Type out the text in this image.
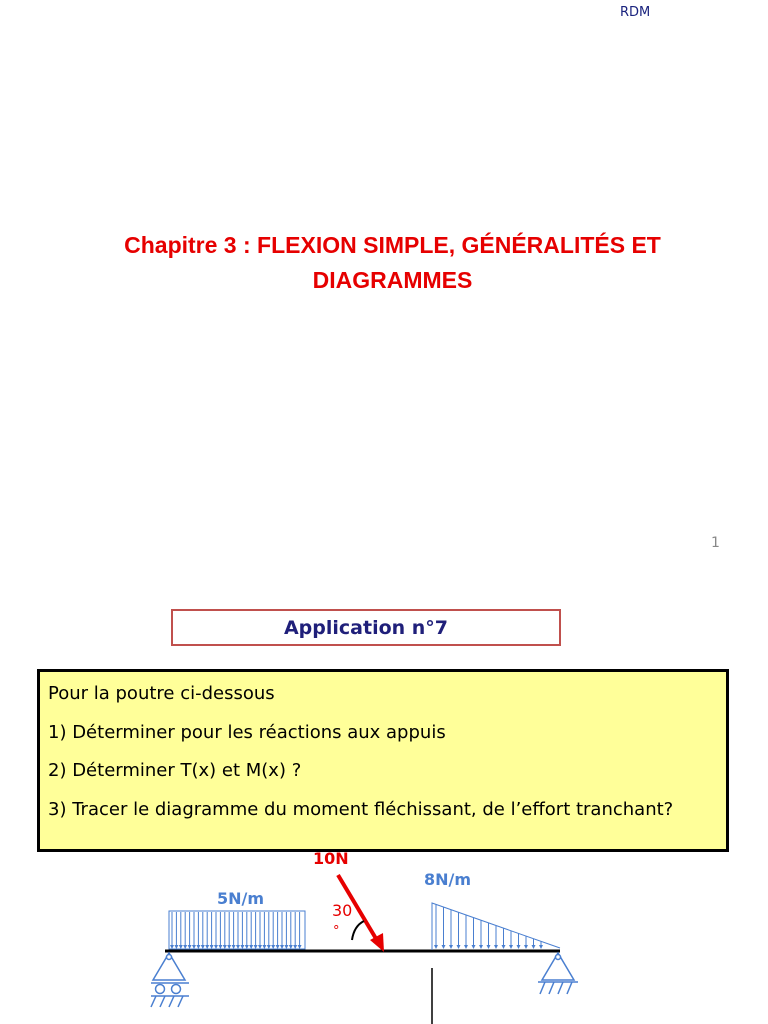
RDM
Chapitre 3 : FLEXION SIMPLE, GÉNÉRALITÉS ET
DIAGRAMMES
1
Application n°7

Pour la poutre ci-dessous

1) Déterminer pour les réactions aux appuis

2) Déterminer T(x) et M(x) ?

3) Tracer le diagramme du moment fléchissant, de l’effort tranchant?

5N/m
8N/m
10N
30
°
